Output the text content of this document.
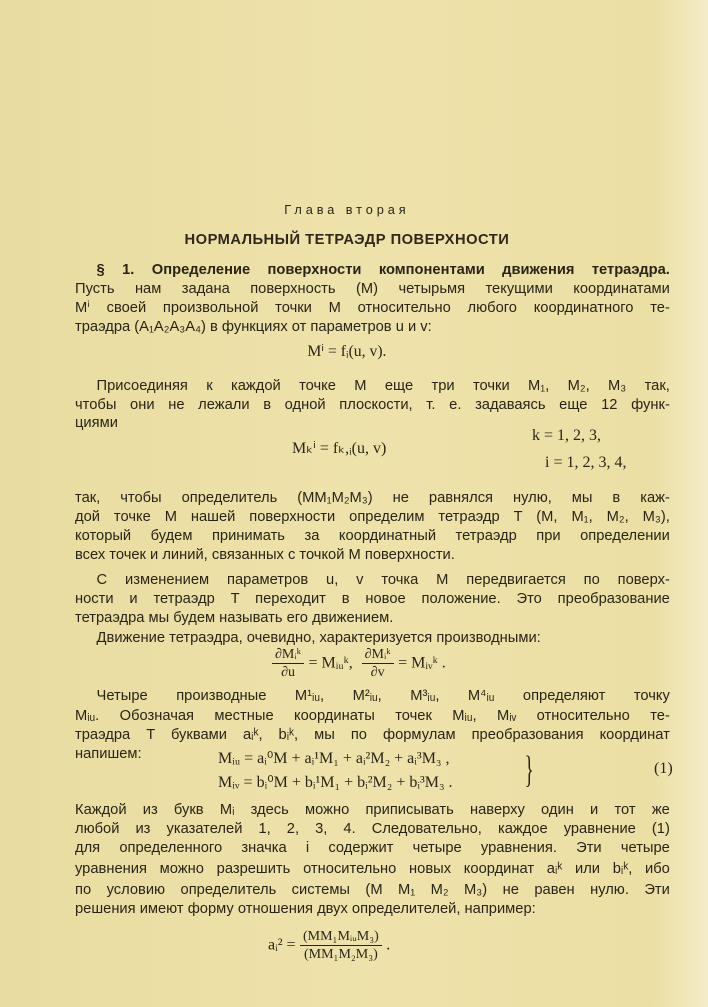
Глава вторая
НОРМАЛЬНЫЙ ТЕТРАЭДР ПОВЕРХНОСТИ
§ 1. Определение поверхности компонентами движения тетраэдра.
Пусть нам задана поверхность (M) четырьмя текущими координатами
Mⁱ своей произвольной точки M относительно любого координатного те-
траэдра (A₁A₂A₃A₄) в функциях от параметров u и v:
Mⁱ = fᵢ(u, v).
Присоединяя к каждой точке M еще три точки M₁, M₂, M₃ так,
чтобы они не лежали в одной плоскости, т. е. задаваясь еще 12 функ-
циями
Mₖⁱ = fₖ,ᵢ(u, v)
k = 1, 2, 3,
i = 1, 2, 3, 4,
так, чтобы определитель (MM₁M₂M₃) не равнялся нулю, мы в каж-
дой точке M нашей поверхности определим тетраэдр T (M, M₁, M₂, M₃),
который будем принимать за координатный тетраэдр при определении
всех точек и линий, связанных с точкой M поверхности.
С изменением параметров u, v точка M передвигается по поверх-
ности и тетраэдр T переходит в новое положение. Это преобразование
тетраэдра мы будем называть его движением.
Движение тетраэдра, очевидно, характеризуется производными:
$\frac{\text{∂Mᵢᵏ}}{\partial u}$ = Mᵢᵤᵏ, $\frac{\text{∂Mᵢᵏ}}{\partial v}$ = Mᵢᵥᵏ .
Четыре производные M¹ᵢᵤ, M²ᵢᵤ, M³ᵢᵤ, M⁴ᵢᵤ определяют точку
Mᵢᵤ. Обозначая местные координаты точек Mᵢᵤ, Mᵢᵥ относительно те-
траэдра T буквами aᵢᵏ, bᵢᵏ, мы по формулам преобразования координат
напишем:	Mᵢᵤ = aᵢ⁰M + aᵢ¹M₁ + aᵢ²M₂ + aᵢ³M₃ ,
Mᵢᵥ = bᵢ⁰M + bᵢ¹M₁ + bᵢ²M₂ + bᵢ³M₃ . }	(1)
Каждой из букв Mᵢ здесь можно приписывать наверху один и тот же
любой из указателей 1, 2, 3, 4. Следовательно, каждое уравнение (1)
для определенного значка i содержит четыре уравнения. Эти четыре
уравнения можно разрешить относительно новых координат aᵢᵏ или bᵢᵏ, ибо
по условию определитель системы (M M₁ M₂ M₃) не равен нулю. Эти
решения имеют форму отношения двух определителей, например:
aᵢ² = $\frac{\text{(MM₁MᵢᵤM₃)}}{\text{(MM₁M₂M₃)}}$ .
